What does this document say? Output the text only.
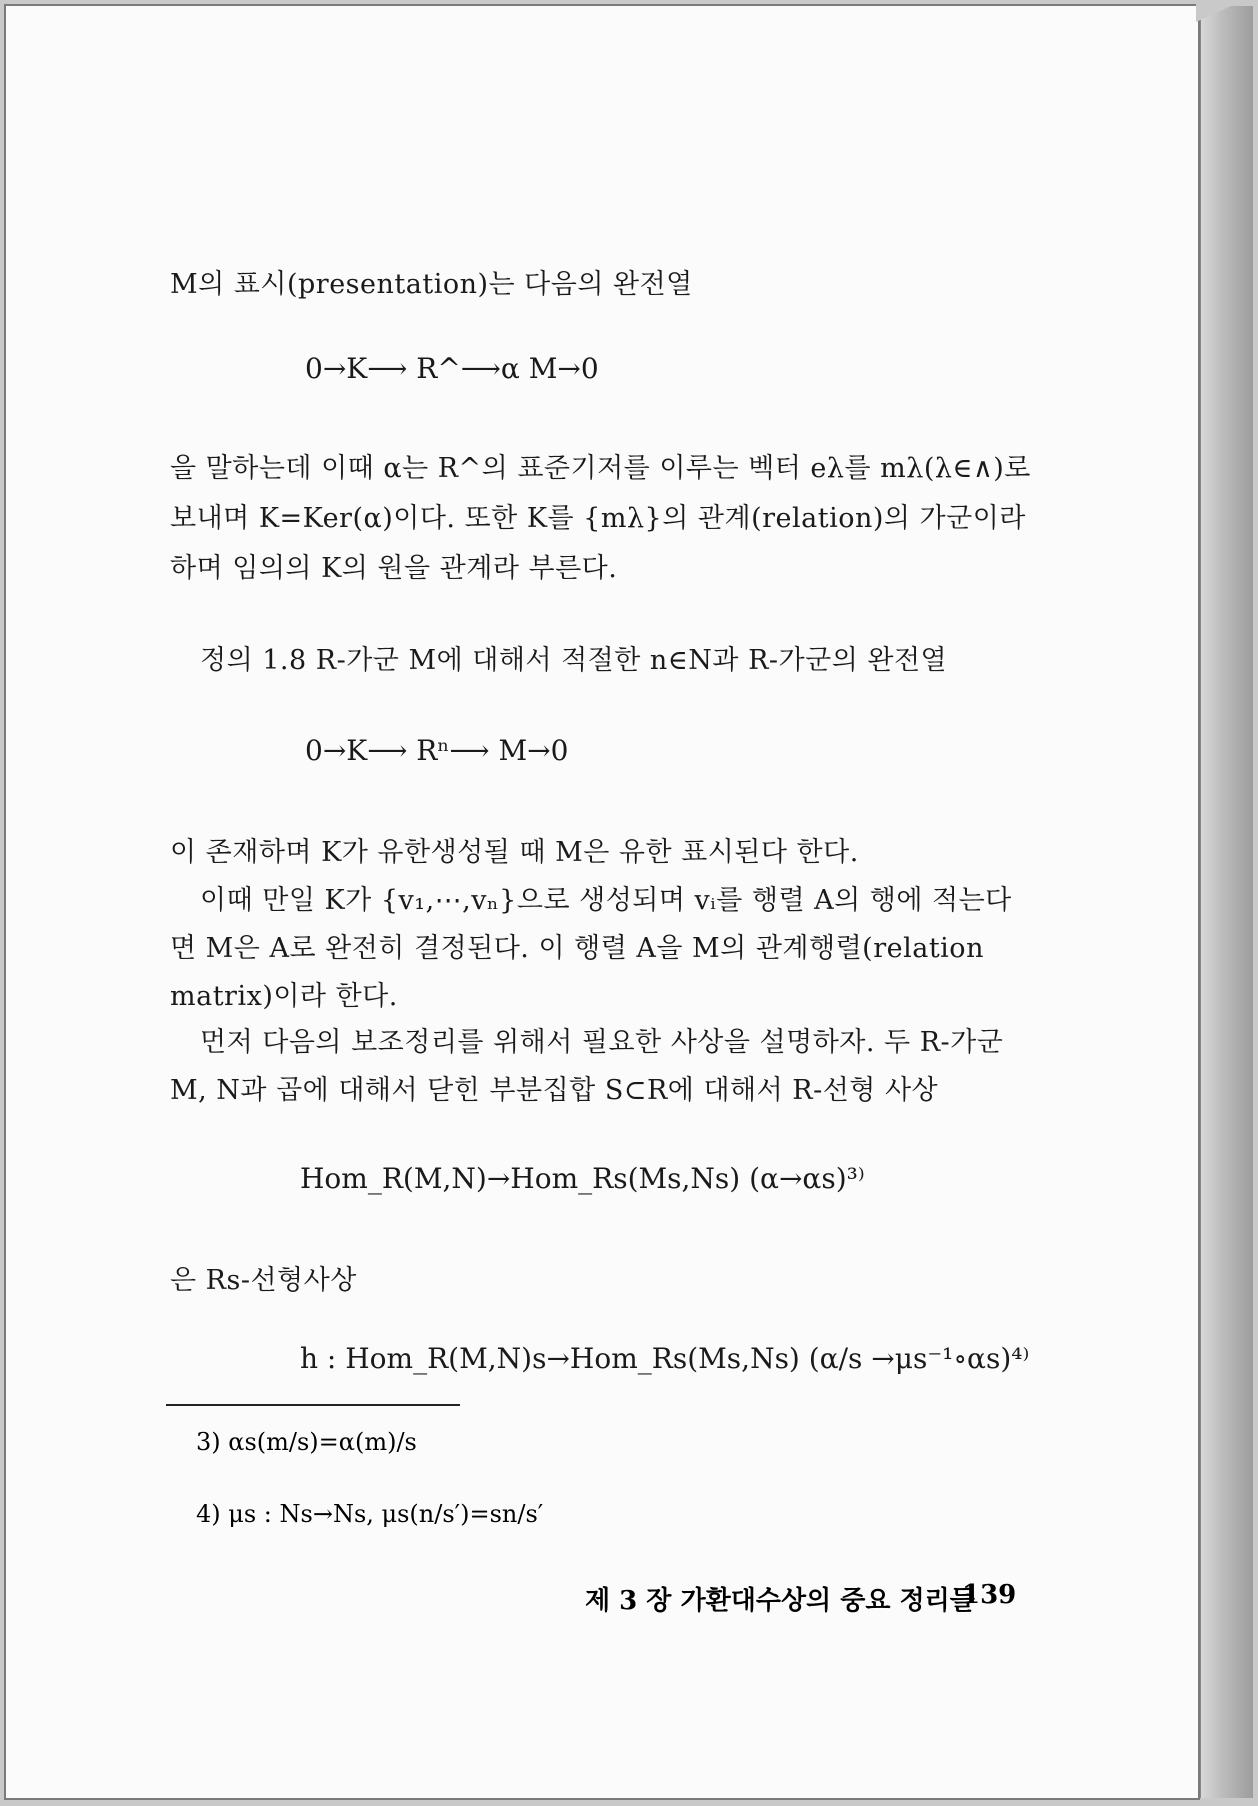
M의 표시(presentation)는 다음의 완전열
0→K⟶ R^⟶α M→0
을 말하는데 이때 α는 R^의 표준기저를 이루는 벡터 eλ를 mλ(λ∈∧)로
보내며 K=Ker(α)이다. 또한 K를 {mλ}의 관계(relation)의 가군이라
하며 임의의 K의 원을 관계라 부른다.
정의 1.8 R-가군 M에 대해서 적절한 n∈N과 R-가군의 완전열
0→K⟶ Rⁿ⟶ M→0
이 존재하며 K가 유한생성될 때 M은 유한 표시된다 한다.
이때 만일 K가 {v₁,⋯,vₙ}으로 생성되며 vᵢ를 행렬 A의 행에 적는다
면 M은 A로 완전히 결정된다. 이 행렬 A을 M의 관계행렬(relation
matrix)이라 한다.
먼저 다음의 보조정리를 위해서 필요한 사상을 설명하자. 두 R-가군
M, N과 곱에 대해서 닫힌 부분집합 S⊂R에 대해서 R-선형 사상
Hom_R(M,N)→Hom_Rs(Ms,Ns) (α→αs)³⁾
은 Rs-선형사상
h : Hom_R(M,N)s→Hom_Rs(Ms,Ns) (α/s →μs⁻¹∘αs)⁴⁾
3) αs(m/s)=α(m)/s
4) μs : Ns→Ns, μs(n/s′)=sn/s′
제 3 장 가환대수상의 중요 정리들
139
